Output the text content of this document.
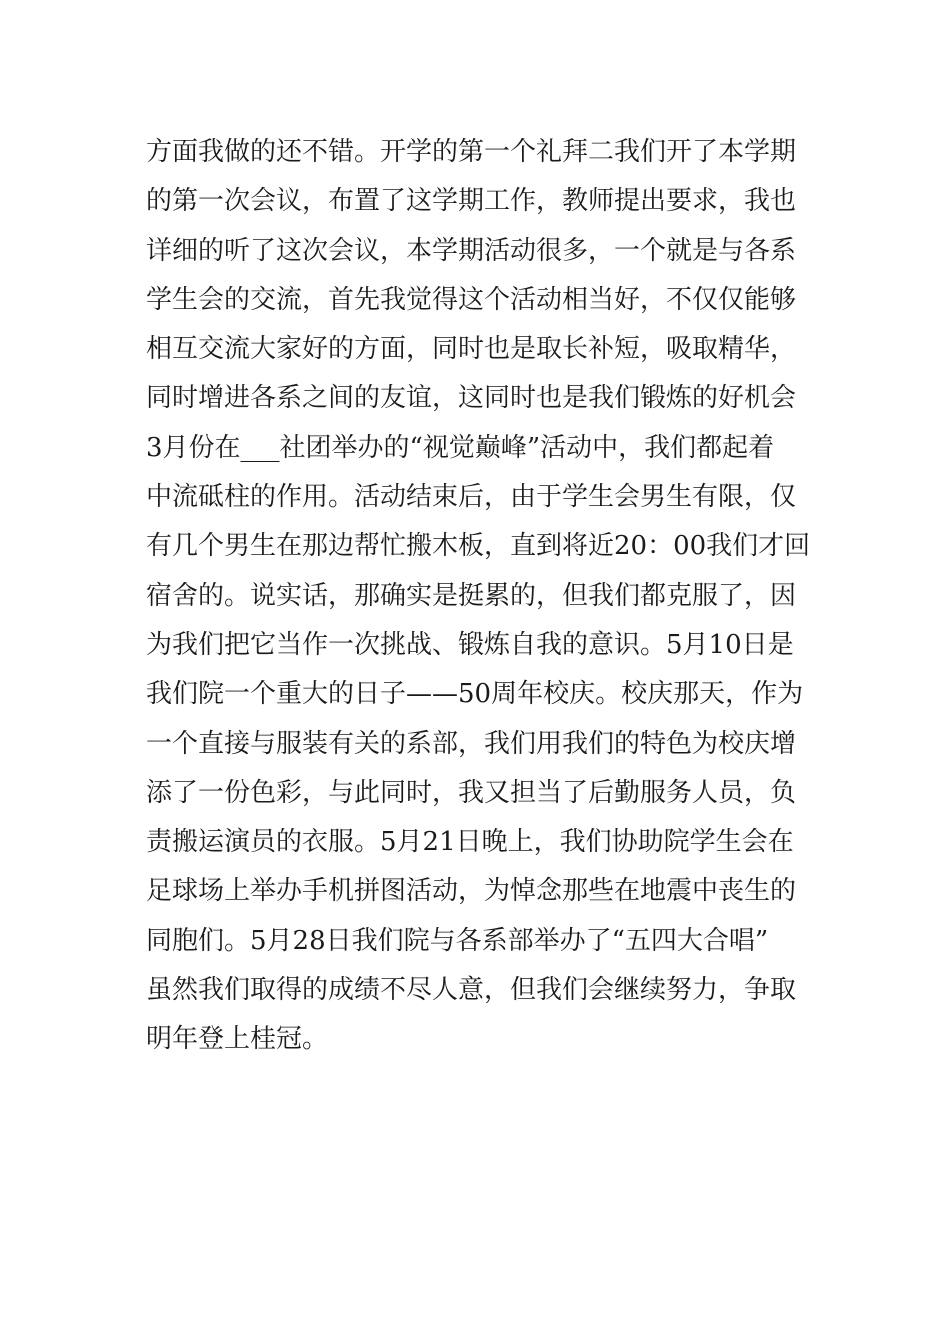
方面我做的还不错。开学的第一个礼拜二我们开了本学期
的第一次会议，布置了这学期工作，教师提出要求，我也
详细的听了这次会议，本学期活动很多，一个就是与各系
学生会的交流，首先我觉得这个活动相当好，不仅仅能够
相互交流大家好的方面，同时也是取长补短，吸取精华，
同时增进各系之间的友谊，这同时也是我们锻炼的好机会
3月份在___社团举办的“视觉巅峰”活动中，我们都起着
中流砥柱的作用。活动结束后，由于学生会男生有限，仅
有几个男生在那边帮忙搬木板，直到将近20：00我们才回
宿舍的。说实话，那确实是挺累的，但我们都克服了，因
为我们把它当作一次挑战、锻炼自我的意识。5月10日是
我们院一个重大的日子——50周年校庆。校庆那天，作为
一个直接与服装有关的系部，我们用我们的特色为校庆增
添了一份色彩，与此同时，我又担当了后勤服务人员，负
责搬运演员的衣服。5月21日晚上，我们协助院学生会在
足球场上举办手机拼图活动，为悼念那些在地震中丧生的
同胞们。5月28日我们院与各系部举办了“五四大合唱”
虽然我们取得的成绩不尽人意，但我们会继续努力，争取
明年登上桂冠。
